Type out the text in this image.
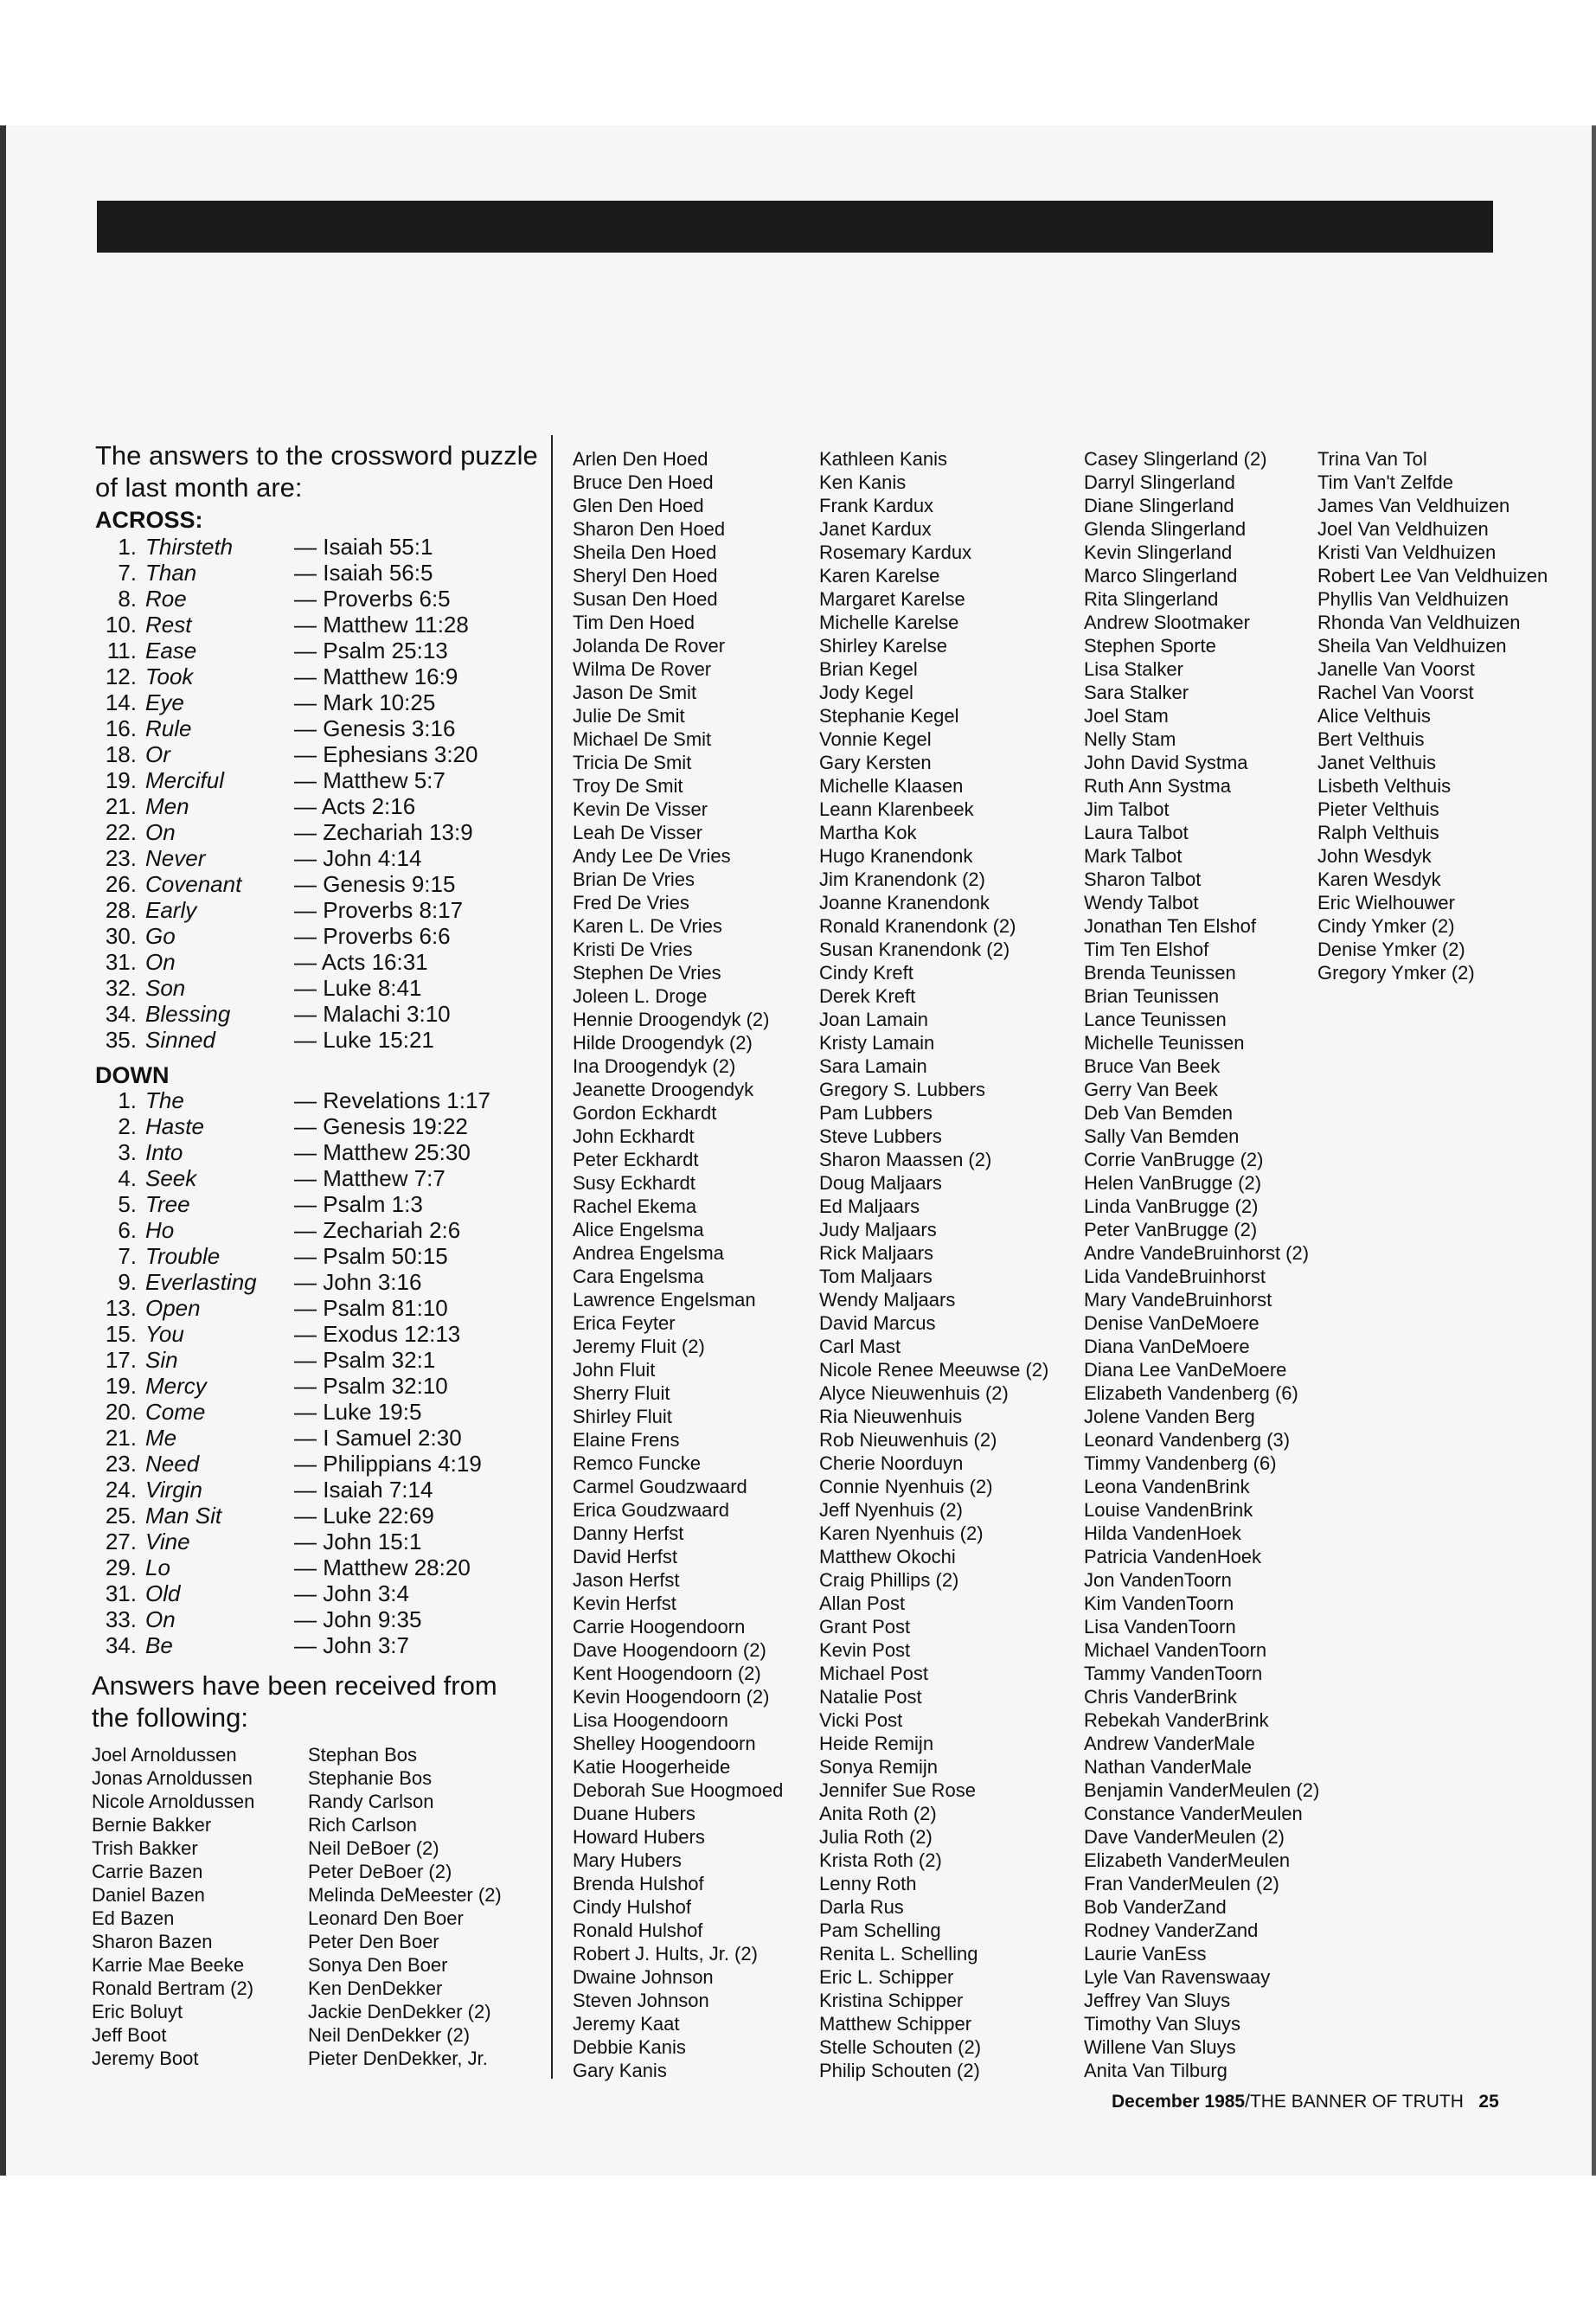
The answers to the crossword puzzle of last month are:
ACROSS:
1. Thirsteth	— Isaiah 55:1
7. Than	— Isaiah 56:5
8. Roe	— Proverbs 6:5
10. Rest	— Matthew 11:28
11. Ease	— Psalm 25:13
12. Took	— Matthew 16:9
14. Eye	— Mark 10:25
16. Rule	— Genesis 3:16
18. Or	— Ephesians 3:20
19. Merciful	— Matthew 5:7
21. Men	— Acts 2:16
22. On	— Zechariah 13:9
23. Never	— John 4:14
26. Covenant	— Genesis 9:15
28. Early	— Proverbs 8:17
30. Go	— Proverbs 6:6
31. On	— Acts 16:31
32. Son	— Luke 8:41
34. Blessing	— Malachi 3:10
35. Sinned	— Luke 15:21
DOWN
1. The	— Revelations 1:17
2. Haste	— Genesis 19:22
3. Into	— Matthew 25:30
4. Seek	— Matthew 7:7
5. Tree	— Psalm 1:3
6. Ho	— Zechariah 2:6
7. Trouble	— Psalm 50:15
9. Everlasting	— John 3:16
13. Open	— Psalm 81:10
15. You	— Exodus 12:13
17. Sin	— Psalm 32:1
19. Mercy	— Psalm 32:10
20. Come	— Luke 19:5
21. Me	— I Samuel 2:30
23. Need	— Philippians 4:19
24. Virgin	— Isaiah 7:14
25. Man Sit	— Luke 22:69
27. Vine	— John 15:1
29. Lo	— Matthew 28:20
31. Old	— John 3:4
33. On	— John 9:35
34. Be	— John 3:7
Answers have been received from the following:
Joel Arnoldussen
Jonas Arnoldussen
Nicole Arnoldussen
Bernie Bakker
Trish Bakker
Carrie Bazen
Daniel Bazen
Ed Bazen
Sharon Bazen
Karrie Mae Beeke
Ronald Bertram (2)
Eric Boluyt
Jeff Boot
Jeremy Boot
Stephan Bos
Stephanie Bos
Randy Carlson
Rich Carlson
Neil DeBoer (2)
Peter DeBoer (2)
Melinda DeMeester (2)
Leonard Den Boer
Peter Den Boer
Sonya Den Boer
Ken DenDekker
Jackie DenDekker (2)
Neil DenDekker (2)
Pieter DenDekker, Jr.
Arlen Den Hoed
Bruce Den Hoed
Glen Den Hoed
Sharon Den Hoed
Sheila Den Hoed
Sheryl Den Hoed
Susan Den Hoed
Tim Den Hoed
Jolanda De Rover
Wilma De Rover
Jason De Smit
Julie De Smit
Michael De Smit
Tricia De Smit
Troy De Smit
Kevin De Visser
Leah De Visser
Andy Lee De Vries
Brian De Vries
Fred De Vries
Karen L. De Vries
Kristi De Vries
Stephen De Vries
Joleen L. Droge
Hennie Droogendyk (2)
Hilde Droogendyk (2)
Ina Droogendyk (2)
Jeanette Droogendyk
Gordon Eckhardt
John Eckhardt
Peter Eckhardt
Susy Eckhardt
Rachel Ekema
Alice Engelsma
Andrea Engelsma
Cara Engelsma
Lawrence Engelsman
Erica Feyter
Jeremy Fluit (2)
John Fluit
Sherry Fluit
Shirley Fluit
Elaine Frens
Remco Funcke
Carmel Goudzwaard
Erica Goudzwaard
Danny Herfst
David Herfst
Jason Herfst
Kevin Herfst
Carrie Hoogendoorn
Dave Hoogendoorn (2)
Kent Hoogendoorn (2)
Kevin Hoogendoorn (2)
Lisa Hoogendoorn
Shelley Hoogendoorn
Katie Hoogerheide
Deborah Sue Hoogmoed
Duane Hubers
Howard Hubers
Mary Hubers
Brenda Hulshof
Cindy Hulshof
Ronald Hulshof
Robert J. Hults, Jr. (2)
Dwaine Johnson
Steven Johnson
Jeremy Kaat
Debbie Kanis
Gary Kanis
Kathleen Kanis
Ken Kanis
Frank Kardux
Janet Kardux
Rosemary Kardux
Karen Karelse
Margaret Karelse
Michelle Karelse
Shirley Karelse
Brian Kegel
Jody Kegel
Stephanie Kegel
Vonnie Kegel
Gary Kersten
Michelle Klaasen
Leann Klarenbeek
Martha Kok
Hugo Kranendonk
Jim Kranendonk (2)
Joanne Kranendonk
Ronald Kranendonk (2)
Susan Kranendonk (2)
Cindy Kreft
Derek Kreft
Joan Lamain
Kristy Lamain
Sara Lamain
Gregory S. Lubbers
Pam Lubbers
Steve Lubbers
Sharon Maassen (2)
Doug Maljaars
Ed Maljaars
Judy Maljaars
Rick Maljaars
Tom Maljaars
Wendy Maljaars
David Marcus
Carl Mast
Nicole Renee Meeuwse (2)
Alyce Nieuwenhuis (2)
Ria Nieuwenhuis
Rob Nieuwenhuis (2)
Cherie Noorduyn
Connie Nyenhuis (2)
Jeff Nyenhuis (2)
Karen Nyenhuis (2)
Matthew Okochi
Craig Phillips (2)
Allan Post
Grant Post
Kevin Post
Michael Post
Natalie Post
Vicki Post
Heide Remijn
Sonya Remijn
Jennifer Sue Rose
Anita Roth (2)
Julia Roth (2)
Krista Roth (2)
Lenny Roth
Darla Rus
Pam Schelling
Renita L. Schelling
Eric L. Schipper
Kristina Schipper
Matthew Schipper
Stelle Schouten (2)
Philip Schouten (2)
Casey Slingerland (2)
Darryl Slingerland
Diane Slingerland
Glenda Slingerland
Kevin Slingerland
Marco Slingerland
Rita Slingerland
Andrew Slootmaker
Stephen Sporte
Lisa Stalker
Sara Stalker
Joel Stam
Nelly Stam
John David Systma
Ruth Ann Systma
Jim Talbot
Laura Talbot
Mark Talbot
Sharon Talbot
Wendy Talbot
Jonathan Ten Elshof
Tim Ten Elshof
Brenda Teunissen
Brian Teunissen
Lance Teunissen
Michelle Teunissen
Bruce Van Beek
Gerry Van Beek
Deb Van Bemden
Sally Van Bemden
Corrie VanBrugge (2)
Helen VanBrugge (2)
Linda VanBrugge (2)
Peter VanBrugge (2)
Andre VandeBruinhorst (2)
Lida VandeBruinhorst
Mary VandeBruinhorst
Denise VanDeMoere
Diana VanDeMoere
Diana Lee VanDeMoere
Elizabeth Vandenberg (6)
Jolene Vanden Berg
Leonard Vandenberg (3)
Timmy Vandenberg (6)
Leona VandenBrink
Louise VandenBrink
Hilda VandenHoek
Patricia VandenHoek
Jon VandenToorn
Kim VandenToorn
Lisa VandenToorn
Michael VandenToorn
Tammy VandenToorn
Chris VanderBrink
Rebekah VanderBrink
Andrew VanderMale
Nathan VanderMale
Benjamin VanderMeulen (2)
Constance VanderMeulen
Dave VanderMeulen (2)
Elizabeth VanderMeulen
Fran VanderMeulen (2)
Bob VanderZand
Rodney VanderZand
Laurie VanEss
Lyle Van Ravenswaay
Jeffrey Van Sluys
Timothy Van Sluys
Willene Van Sluys
Anita Van Tilburg
Trina Van Tol
Tim Van't Zelfde
James Van Veldhuizen
Joel Van Veldhuizen
Kristi Van Veldhuizen
Robert Lee Van Veldhuizen
Phyllis Van Veldhuizen
Rhonda Van Veldhuizen
Sheila Van Veldhuizen
Janelle Van Voorst
Rachel Van Voorst
Alice Velthuis
Bert Velthuis
Janet Velthuis
Lisbeth Velthuis
Pieter Velthuis
Ralph Velthuis
John Wesdyk
Karen Wesdyk
Eric Wielhouwer
Cindy Ymker (2)
Denise Ymker (2)
Gregory Ymker (2)
December 1985/THE BANNER OF TRUTH 25
